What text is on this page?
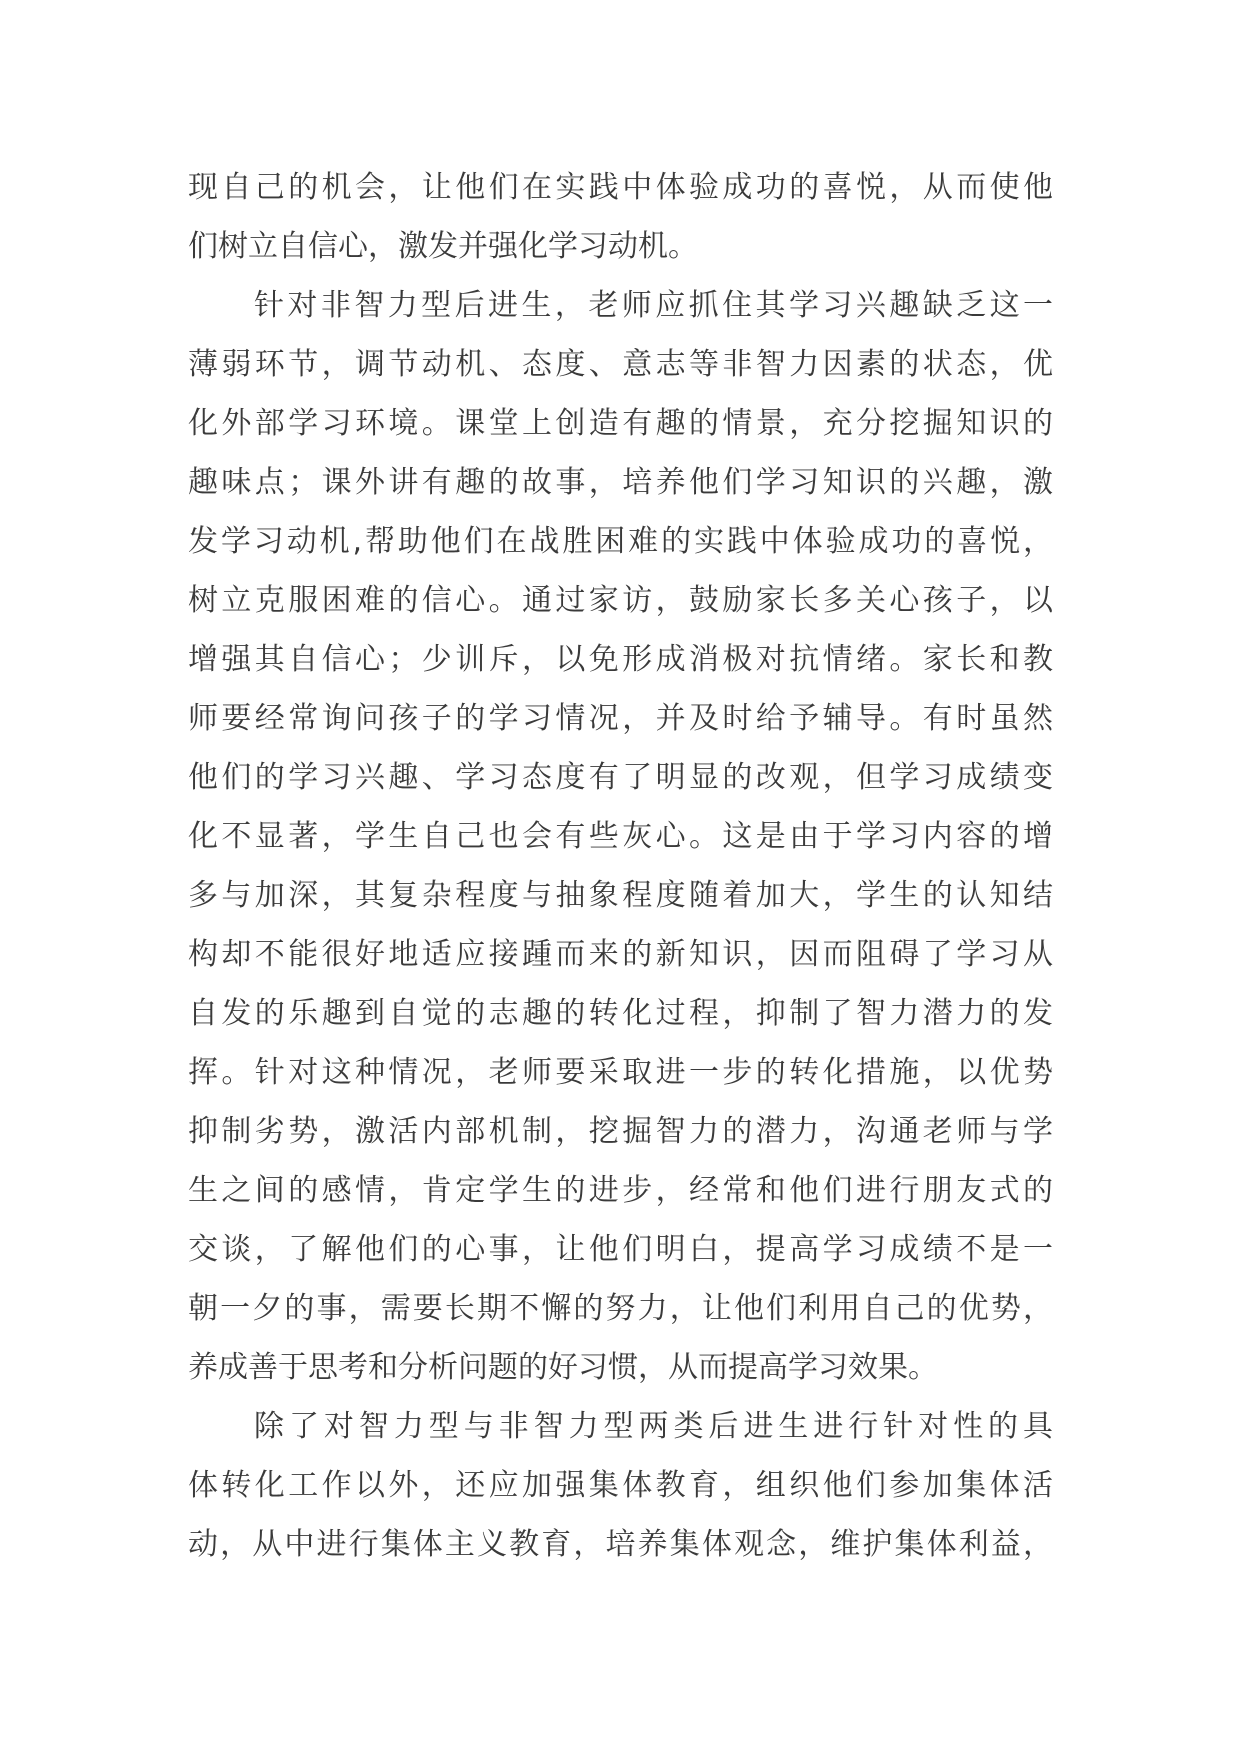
现自己的机会，让他们在实践中体验成功的喜悦，从而使他
们树立自信心，激发并强化学习动机。
针对非智力型后进生，老师应抓住其学习兴趣缺乏这一
薄弱环节，调节动机、态度、意志等非智力因素的状态，优
化外部学习环境。课堂上创造有趣的情景，充分挖掘知识的
趣味点；课外讲有趣的故事，培养他们学习知识的兴趣，激
发学习动机,帮助他们在战胜困难的实践中体验成功的喜悦，
树立克服困难的信心。通过家访，鼓励家长多关心孩子，以
增强其自信心；少训斥，以免形成消极对抗情绪。家长和教
师要经常询问孩子的学习情况，并及时给予辅导。有时虽然
他们的学习兴趣、学习态度有了明显的改观，但学习成绩变
化不显著，学生自己也会有些灰心。这是由于学习内容的增
多与加深，其复杂程度与抽象程度随着加大，学生的认知结
构却不能很好地适应接踵而来的新知识，因而阻碍了学习从
自发的乐趣到自觉的志趣的转化过程，抑制了智力潜力的发
挥。针对这种情况，老师要采取进一步的转化措施，以优势
抑制劣势，激活内部机制，挖掘智力的潜力，沟通老师与学
生之间的感情，肯定学生的进步，经常和他们进行朋友式的
交谈，了解他们的心事，让他们明白，提高学习成绩不是一
朝一夕的事，需要长期不懈的努力，让他们利用自己的优势，
养成善于思考和分析问题的好习惯，从而提高学习效果。
除了对智力型与非智力型两类后进生进行针对性的具
体转化工作以外，还应加强集体教育，组织他们参加集体活
动，从中进行集体主义教育，培养集体观念，维护集体利益，
